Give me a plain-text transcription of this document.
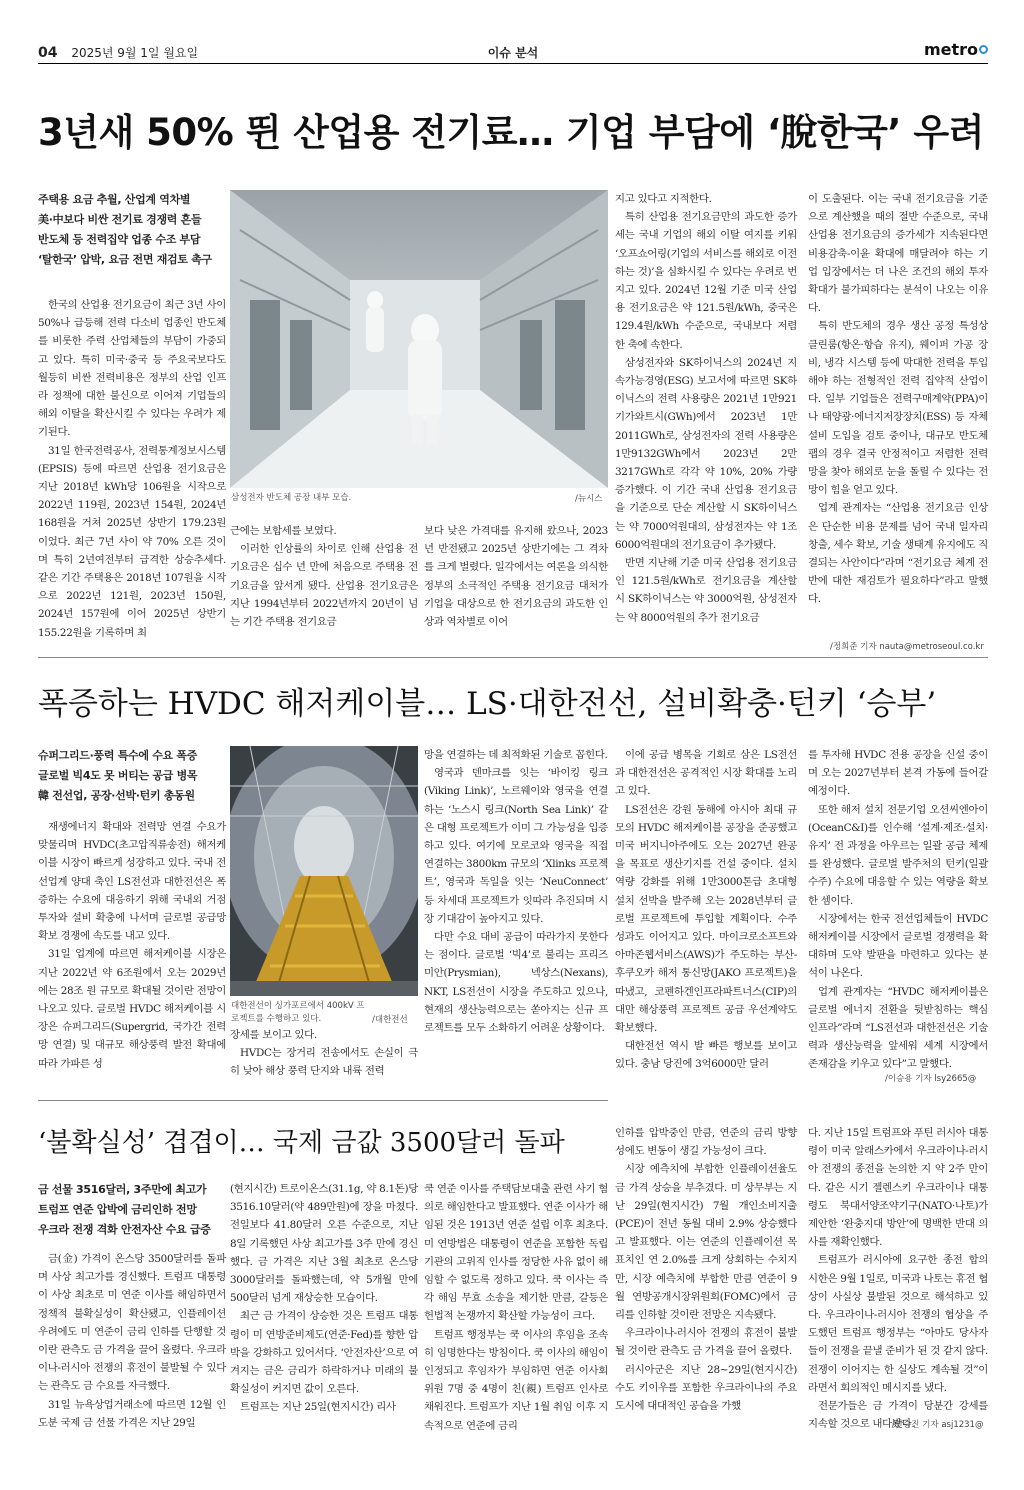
04 2025년 9월 1일 월요일	이슈 분석	metro
3년새 50% 뛴 산업용 전기료… 기업 부담에 ‘脫한국’ 우려

주택용 요금 추월, 산업계 역차별

美·中보다 비싼 전기료 경쟁력 흔들

반도체 등 전력집약 업종 수조 부담

‘탈한국’ 압박, 요금 전면 재검토 촉구

한국의 산업용 전기요금이 최근 3년 사이 50%나 급등해 전력 다소비 업종인 반도체를 비롯한 주력 산업체들의 부담이 가중되고 있다. 특히 미국·중국 등 주요국보다도 월등히 비싼 전력비용은 정부의 산업 인프라 정책에 대한 불신으로 이어져 기업들의 해외 이탈을 확산시킬 수 있다는 우려가 제기된다.

31일 한국전력공사, 전력통계정보시스템(EPSIS) 등에 따르면 산업용 전기요금은 지난 2018년 kWh당 106원을 시작으로 2022년 119원, 2023년 154원, 2024년 168원을 거쳐 2025년 상반기 179.23원이었다. 최근 7년 사이 약 70% 오른 것이며 특히 2년여전부터 급격한 상승추세다. 같은 기간 주택용은 2018년 107원을 시작으로 2022년 121원, 2023년 150원, 2024년 157원에 이어 2025년 상반기 155.22원을 기록하며 최

삼성전자 반도체 공장 내부 모습.	/뉴시스

근에는 보합세를 보였다.

이러한 인상률의 차이로 인해 산업용 전기요금은 십수 년 만에 처음으로 주택용 전기요금을 앞서게 됐다. 산업용 전기요금은 지난 1994년부터 2022년까지 20년이 넘는 기간 주택용 전기요금

보다 낮은 가격대를 유지해 왔으나, 2023년 반전됐고 2025년 상반기에는 그 격차를 크게 벌렸다. 일각에서는 여론을 의식한 정부의 소극적인 주택용 전기요금 대처가 기업을 대상으로 한 전기요금의 과도한 인상과 역차별로 이어

지고 있다고 지적한다.

특히 산업용 전기요금만의 과도한 증가세는 국내 기업의 해외 이탈 여지를 키워 ‘오프쇼어링(기업의 서비스를 해외로 이전하는 것)’을 심화시킬 수 있다는 우려로 번지고 있다. 2024년 12월 기준 미국 산업용 전기요금은 약 121.5원/kWh, 중국은 129.4원/kWh 수준으로, 국내보다 저렴한 축에 속한다.

삼성전자와 SK하이닉스의 2024년 지속가능경영(ESG) 보고서에 따르면 SK하이닉스의 전력 사용량은 2021년 1만921기가와트시(GWh)에서 2023년 1만2011GWh로, 삼성전자의 전력 사용량은 1만9132GWh에서 2023년 2만3217GWh로 각각 약 10%, 20% 가량 증가했다. 이 기간 국내 산업용 전기요금을 기준으로 단순 계산할 시 SK하이닉스는 약 7000억원대의, 삼성전자는 약 1조6000억원대의 전기요금이 추가됐다.

반면 지난해 기준 미국 산업용 전기요금인 121.5원/kWh로 전기요금을 계산할 시 SK하이닉스는 약 3000억원, 삼성전자는 약 8000억원의 추가 전기요금

이 도출된다. 이는 국내 전기요금을 기준으로 계산했을 때의 절반 수준으로, 국내 산업용 전기요금의 증가세가 지속된다면 비용감축-이윤 확대에 매달려야 하는 기업 입장에서는 더 나은 조건의 해외 투자 확대가 불가피하다는 분석이 나오는 이유다.

특히 반도체의 경우 생산 공정 특성상 클린룸(항온·항습 유지), 웨이퍼 가공 장비, 냉각 시스템 등에 막대한 전력을 투입해야 하는 전형적인 전력 집약적 산업이다. 일부 기업들은 전력구매계약(PPA)이나 태양광·에너지저장장치(ESS) 등 자체 설비 도입을 검토 중이나, 대규모 반도체 팹의 경우 결국 안정적이고 저렴한 전력망을 찾아 해외로 눈을 돌릴 수 있다는 전망이 힘을 얻고 있다.

업계 관계자는 “산업용 전기요금 인상은 단순한 비용 문제를 넘어 국내 일자리 창출, 세수 확보, 기술 생태계 유지에도 직결되는 사안이다”라며 “전기요금 체계 전반에 대한 재검토가 필요하다”라고 말했다.

/정희준 기자 nauta@metroseoul.co.kr
폭증하는 HVDC 해저케이블… LS·대한전선, 설비확충·턴키 ‘승부’

슈퍼그리드·풍력 특수에 수요 폭증

글로벌 빅4도 못 버티는 공급 병목

韓 전선업, 공장·선박·턴키 총동원

재생에너지 확대와 전력망 연결 수요가 맞물리며 HVDC(초고압직류송전) 해저케이블 시장이 빠르게 성장하고 있다. 국내 전선업계 양대 축인 LS전선과 대한전선은 폭증하는 수요에 대응하기 위해 국내외 거점 투자와 설비 확충에 나서며 글로벌 공급망 확보 경쟁에 속도를 내고 있다.

31일 업계에 따르면 해저케이블 시장은 지난 2022년 약 6조원에서 오는 2029년에는 28조 원 규모로 확대될 것이란 전망이 나오고 있다. 글로벌 HVDC 해저케이블 시장은 슈퍼그리드(Supergrid, 국가간 전력망 연결) 및 대규모 해상풍력 발전 확대에 따라 가파른 성

대한전선이 싱가포르에서 400kV 프로젝트를 수행하고 있다.	/대한전선

장세를 보이고 있다.

HVDC는 장거리 전송에서도 손실이 극히 낮아 해상 풍력 단지와 내륙 전력

망을 연결하는 데 최적화된 기술로 꼽힌다.

영국과 덴마크를 잇는 ‘바이킹 링크(Viking Link)’, 노르웨이와 영국을 연결하는 ‘노스시 링크(North Sea Link)’ 같은 대형 프로젝트가 이미 그 가능성을 입증하고 있다. 여기에 모로코와 영국을 직접 연결하는 3800km 규모의 ‘Xlinks 프로젝트’, 영국과 독일을 잇는 ‘NeuConnect’ 등 차세대 프로젝트가 잇따라 추진되며 시장 기대감이 높아지고 있다.

다만 수요 대비 공급이 따라가지 못한다는 점이다. 글로벌 ‘빅4’로 불리는 프리즈미안(Prysmian), 넥상스(Nexans), NKT, LS전선이 시장을 주도하고 있으나, 현재의 생산능력으로는 쏟아지는 신규 프로젝트를 모두 소화하기 어려운 상황이다.

이에 공급 병목을 기회로 삼은 LS전선과 대한전선은 공격적인 시장 확대를 노리고 있다.

LS전선은 강원 동해에 아시아 최대 규모의 HVDC 해저케이블 공장을 준공했고 미국 버지니아주에도 오는 2027년 완공을 목표로 생산기지를 건설 중이다. 설치 역량 강화를 위해 1만3000톤급 초대형 설치 선박을 발주해 오는 2028년부터 글로벌 프로젝트에 투입할 계획이다. 수주 성과도 이어지고 있다. 마이크로소프트와 아마존웹서비스(AWS)가 주도하는 부산-후쿠오카 해저 통신망(JAKO 프로젝트)을 따냈고, 코펜하겐인프라파트너스(CIP)의 대만 해상풍력 프로젝트 공급 우선계약도 확보했다.

대한전선 역시 발 빠른 행보를 보이고 있다. 충남 당진에 3억6000만 달러

를 투자해 HVDC 전용 공장을 신설 중이며 오는 2027년부터 본격 가동에 들어갈 예정이다.

또한 해저 설치 전문기업 오션씨엔아이(OceanC&I)를 인수해 ‘설계·제조·설치·유지’ 전 과정을 아우르는 일괄 공급 체제를 완성했다. 글로벌 발주처의 턴키(일괄수주) 수요에 대응할 수 있는 역량을 확보한 셈이다.

시장에서는 한국 전선업체들이 HVDC 해저케이블 시장에서 글로벌 경쟁력을 확대하며 도약 발판을 마련하고 있다는 분석이 나온다.

업계 관계자는 “HVDC 해저케이블은 글로벌 에너지 전환을 뒷받침하는 핵심 인프라”라며 “LS전선과 대한전선은 기술력과 생산능력을 앞세워 세계 시장에서 존재감을 키우고 있다”고 말했다.

/이승용 기자 lsy2665@
‘불확실성’ 겹겹이… 국제 금값 3500달러 돌파

금 선물 3516달러, 3주만에 최고가

트럼프 연준 압박에 금리인하 전망

우크라 전쟁 격화 안전자산 수요 급증

금(金) 가격이 온스당 3500달러를 돌파며 사상 최고가를 경신했다. 트럼프 대통령이 사상 최초로 미 연준 이사를 해임하면서 정책적 불확실성이 확산됐고, 인플레이션 우려에도 미 연준이 금리 인하를 단행할 것이란 관측도 금 가격을 끌어 올렸다. 우크라이나-러시아 전쟁의 휴전이 불발될 수 있다는 관측도 금 수요를 자극했다.

31일 뉴욕상업거래소에 따르면 12월 인도분 국제 금 선물 가격은 지난 29일

(현지시간) 트로이온스(31.1g, 약 8.1돈)당 3516.10달러(약 489만원)에 장을 마쳤다. 전일보다 41.80달러 오른 수준으로, 지난 8일 기록했던 사상 최고가를 3주 만에 경신했다. 금 가격은 지난 3월 최초로 온스당 3000달러를 돌파했는데, 약 5개월 만에 500달러 넘게 재상승한 모습이다.

최근 금 가격이 상승한 것은 트럼프 대통령이 미 연방준비제도(연준·Fed)를 향한 압박을 강화하고 있어서다. ‘안전자산’으로 여겨지는 금은 금리가 하락하거나 미래의 불확실성이 커지면 값이 오른다.

트럼프는 지난 25일(현지시간) 리사

쿡 연준 이사를 주택담보대출 관련 사기 혐의로 해임한다고 발표했다. 연준 이사가 해임된 것은 1913년 연준 설립 이후 최초다. 미 연방법은 대통령이 연준을 포함한 독립기관의 고위직 인사를 정당한 사유 없이 해임할 수 없도록 정하고 있다. 쿡 이사는 즉각 해임 무효 소송을 제기한 만큼, 갈등은 헌법적 논쟁까지 확산할 가능성이 크다.

트럼프 행정부는 쿡 이사의 후임을 조속히 임명한다는 방침이다. 쿡 이사의 해임이 인정되고 후임자가 부임하면 연준 이사회 위원 7명 중 4명이 친(親) 트럼프 인사로 채워진다. 트럼프가 지난 1월 취임 이후 지속적으로 연준에 금리

인하를 압박중인 만큼, 연준의 금리 방향성에도 변동이 생길 가능성이 크다.

시장 예측치에 부합한 인플레이션율도 금 가격 상승을 부추겼다. 미 상무부는 지난 29일(현지시간) 7월 개인소비지출(PCE)이 전년 동월 대비 2.9% 상승했다고 발표했다. 이는 연준의 인플레이션 목표치인 연 2.0%를 크게 상회하는 수치지만, 시장 예측치에 부합한 만큼 연준이 9월 연방공개시장위원회(FOMC)에서 금리를 인하할 것이란 전망은 지속됐다.

우크라이나-러시아 전쟁의 휴전이 불발될 것이란 관측도 금 가격을 끌어 올렸다.

러시아군은 지난 28~29일(현지시간) 수도 키이우를 포함한 우크라이나의 주요 도시에 대대적인 공습을 가했

다. 지난 15일 트럼프와 푸틴 러시아 대통령이 미국 알래스카에서 우크라이나-러시아 전쟁의 종전을 논의한 지 약 2주 만이다. 같은 시기 젤렌스키 우크라이나 대통령도 북대서양조약기구(NATO·나토)가 제안한 ‘완충지대 방안’에 명백한 반대 의사를 재확인했다.

트럼프가 러시아에 요구한 종전 합의 시한은 9월 1일로, 미국과 나토는 휴전 협상이 사실상 불발된 것으로 해석하고 있다. 우크라이나-러시아 전쟁의 협상을 주도했던 트럼프 행정부는 “아마도 당사자들이 전쟁을 끝낼 준비가 된 것 같지 않다. 전쟁이 이어지는 한 실상도 계속될 것”이라면서 회의적인 메시지를 냈다.

전문가들은 금 가격이 당분간 강세를 지속할 것으로 내다봤다.

/안승진 기자 asj1231@
